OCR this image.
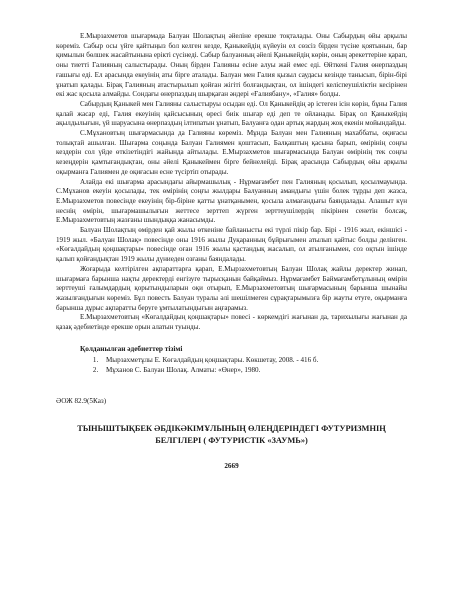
Е.Мырзахметов шығармада Балуан Шолақтың әйеліне ерекше тоқталады. Оны Сабырдың өйы арқылы көреміз. Сабыр осы үйге қайтыңыз бол келген кезде, Қаныкейдің күйеуін ел сөзсіз бірден түсіне қоятынын, бар қимылын бөлшек жасайтынына ерікті сүсінеді. Сабыр балуанның әйелі Қаныкейдің көрін, оның әрекеттеріне қарап, оны тиетті Галияның салыстырады. Оның бірден Галияны есіне алуы жай емес еді. Өйткені Галия өнерпаздың ғашығы еді. Ел арасында екеуінің аты бірге аталады. Балуан мен Галия қызыл саудасы кезінде танысып, бірін-бірі ұнатып қалады. Бірақ Галияның атастырылып қойған жігіті болғандықтан, ол ішіндегі келіспеушіліктін кесірінен екі жас қосыла алмайды. Сондағы өнерпаздың шырқаған әндері «Ғалиябану», «Галия» болды.

Сабырдың Қаныкей мен Галияны салыстыруы осыдан еді. Ол Қаныкейдің әр істеген ісін көрін, бұны Галия қалай жасар еді, Галия екеуінің қайсысының өресі биік шығар еді деп те ойланады. Бірақ ол Қаныкейдің ақылдылығын, үй шаруасына өнерпаздың ілтипатын ұнатып, Балуанға одан артық жардың жоқ екенін мойындайды.

С.Мұхановтың шығармасында да Галияны көреміз. Мұнда Балуан мен Галияның махаббаты, оқиғасы толықтай ашылған. Шығарма соңында Балуан Галиямен қоштасып, Балқаштың қасына барып, өмірінің соңғы кездерін сол үйде өткізетіндігі жайында айтылады. Е.Мырзахметов шығармасында Балуан өмірінің тек соңғы кезеңдерін қамтығандықтан, оны әйелі Қаныкеймен бірге бейнелейді. Бірақ арасында Сабырдың өйы арқылы оқырманға Галиямен де оқиғасын есне түсіртіп отырады.

Алайда екі шығарма арасындағы айырмашылық - Нұрмағамбет пен Галияның қосылып, қосылмауында. С.Мұханов екеуін қосылады, тек өмірінің соңғы жылдары Балуанның амандығы үшін болек тұрды деп жазса, Е.Мырзахметов повесінде екеуінің бір-біріне қатты ұнатқанымен, қосыла алмағандығы баяндалады. Алашыт күн неснің өмірін, шығармашылығын жеттесе зерттеп жүрген зерттеушілердің пікірінен сенетін болсақ, Е.Мырзахметовтың жазғаны шындыққа жанасымды.

Балуан Шолақтың өмірден қай жылы өткеніне байланысты екі түрлі пікір бар. Бірі - 1916 жыл, екіншісі - 1919 жыл. «Балуан Шолақ» повесінде оны 1916 жылы Дуқаранның бұйрығымен атылып қайтыс болды делінген. «Көгалдайдың қоңшақтары» повесінде оған 1916 жылы қастандық жасалып, ол атылғанымен, соз оқтын ішінде қалып қойғандықтан 1919 жылы дүниеден озғаны баяндалады.

Жоғарыда келтірілген ақпараттарға қарап, Е.Мырзахметовтың Балуан Шолақ жайлы деректер жинап, шығармаға барынша нақты деректерді енгізуге тырысқанын байқаймыз. Нұрмағамбет Баймағамбетұлының өмірін зерттеуші ғалымдардың қорытындыларын оқи отырып, Е.Мырзахметовтың шығармасының барынша шынайы жазылғандығын көреміз. Бұл повесть Балуан туралы әлі шешілмеген сұрақтарымызға бір жауты етуге, оқырманға барынша дұрыс ақпаратты беруге ұмтылатындығын аңғарамыз.

Е.Мырзахметовтың «Көгалдайдың қоңшақтары» повесі - көркемдігі жағынан да, тарихылығы жағынан да қазақ әдебиетінде ерекше орын алатын туынды.

Қолданылған әдебиеттер тізімі
1. Мырзахметұлы Е. Көгалдайдың қоңшақтары. Көкшетау, 2008. - 416 б.
2. Мұханов С. Балуан Шолақ. Алматы: «Өнер», 1980.
ӘОЖ 82.9(5Каз)
ТЫНЫШТЫҚБЕК ӘБДІКӘКІМҰЛЫНЫҢ ӨЛЕҢДЕРІНДЕГІ ФУТУРИЗМНІҢ БЕЛГІЛЕРІ ( ФУТУРИСТІК «ЗАУМЬ»)
2669
